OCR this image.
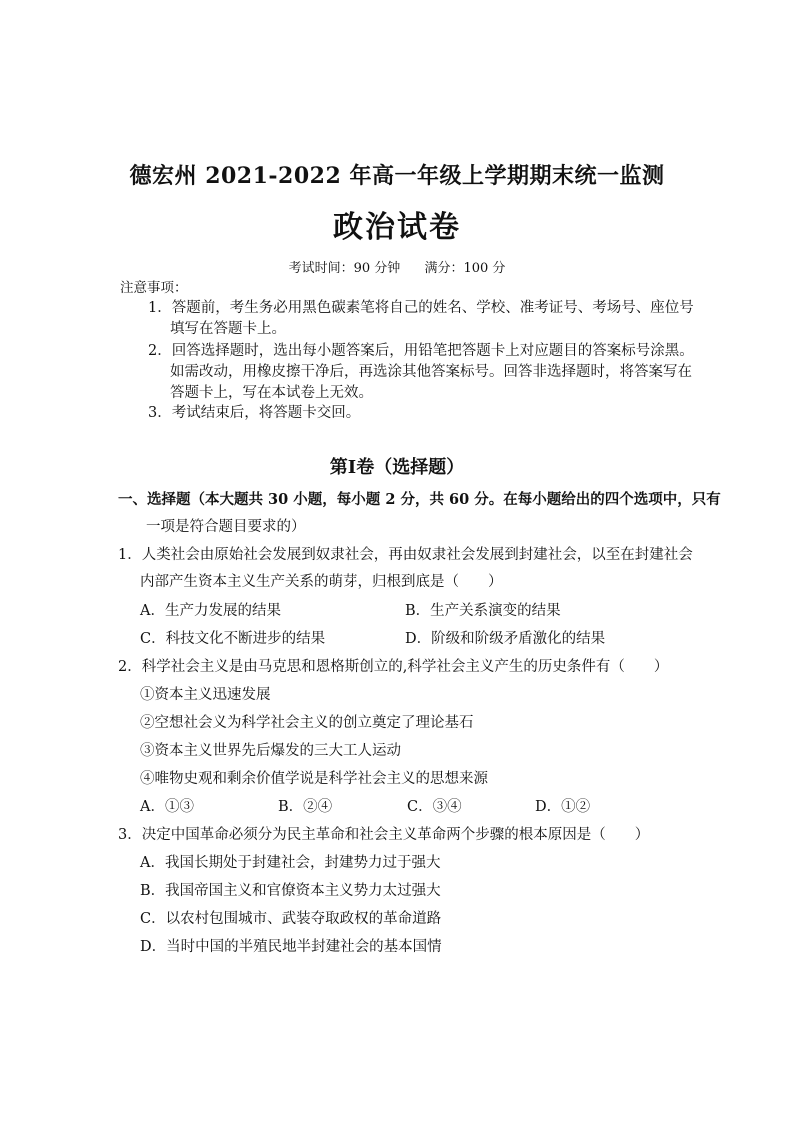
德宏州 2021-2022 年高一年级上学期期末统一监测
政治试卷
考试时间：90 分钟 满分：100 分
注意事项：
1．答题前，考生务必用黑色碳素笔将自己的姓名、学校、准考证号、考场号、座位号
填写在答题卡上。
2．回答选择题时，选出每小题答案后，用铅笔把答题卡上对应题目的答案标号涂黑。
如需改动，用橡皮擦干净后，再选涂其他答案标号。回答非选择题时，将答案写在
答题卡上，写在本试卷上无效。
3．考试结束后，将答题卡交回。
第Ⅰ卷（选择题）
一、选择题（本大题共 30 小题，每小题 2 分，共 60 分。在每小题给出的四个选项中，只有
一项是符合题目要求的）
1．人类社会由原始社会发展到奴隶社会，再由奴隶社会发展到封建社会，以至在封建社会
内部产生资本主义生产关系的萌芽，归根到底是（　　）
A．生产力发展的结果	B．生产关系演变的结果
C．科技文化不断进步的结果	D．阶级和阶级矛盾激化的结果
2．科学社会主义是由马克思和恩格斯创立的,科学社会主义产生的历史条件有（　　）
①资本主义迅速发展
②空想社会义为科学社会主义的创立奠定了理论基石
③资本主义世界先后爆发的三大工人运动
④唯物史观和剩余价值学说是科学社会主义的思想来源
A．①③	B．②④	C．③④	D．①②
3．决定中国革命必须分为民主革命和社会主义革命两个步骤的根本原因是（　　）
A．我国长期处于封建社会，封建势力过于强大
B．我国帝国主义和官僚资本主义势力太过强大
C．以农村包围城市、武装夺取政权的革命道路
D．当时中国的半殖民地半封建社会的基本国情
